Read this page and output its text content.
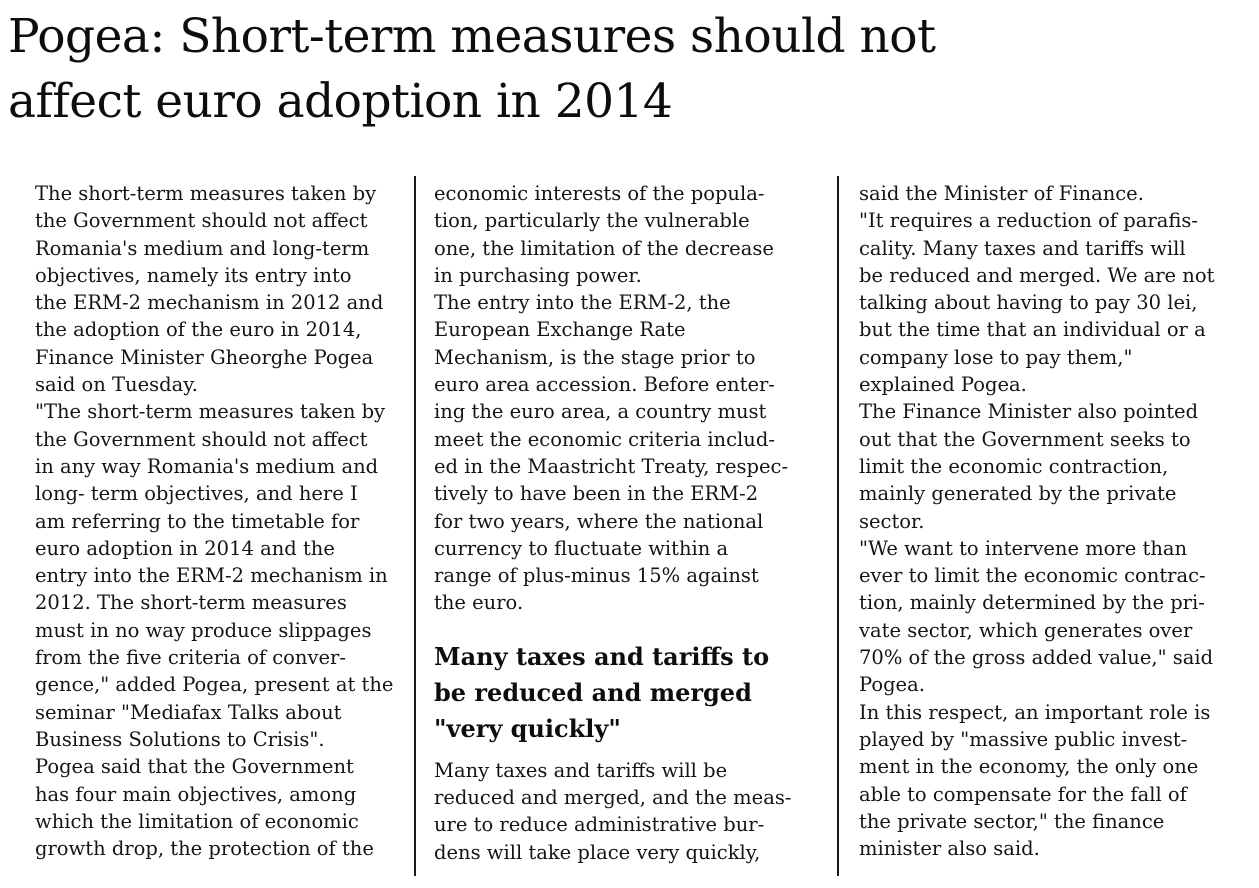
Pogea: Short-term measures should not
affect euro adoption in 2014

The short-term measures taken by

the Government should not affect

Romania's medium and long-term

objectives, namely its entry into

the ERM-2 mechanism in 2012 and

the adoption of the euro in 2014,

Finance Minister Gheorghe Pogea

said on Tuesday.

"The short-term measures taken by

the Government should not affect

in any way Romania's medium and

long- term objectives, and here I

am referring to the timetable for

euro adoption in 2014 and the

entry into the ERM-2 mechanism in

2012. The short-term measures

must in no way produce slippages

from the five criteria of conver-

gence," added Pogea, present at the

seminar "Mediafax Talks about

Business Solutions to Crisis".

Pogea said that the Government

has four main objectives, among

which the limitation of economic

growth drop, the protection of the

economic interests of the popula-

tion, particularly the vulnerable

one, the limitation of the decrease

in purchasing power.

The entry into the ERM-2, the

European Exchange Rate

Mechanism, is the stage prior to

euro area accession. Before enter-

ing the euro area, a country must

meet the economic criteria includ-

ed in the Maastricht Treaty, respec-

tively to have been in the ERM-2

for two years, where the national

currency to fluctuate within a

range of plus-minus 15% against

the euro.

Many taxes and tariffs to
be reduced and merged
"very quickly"

Many taxes and tariffs will be

reduced and merged, and the meas-

ure to reduce administrative bur-

dens will take place very quickly,

said the Minister of Finance.

"It requires a reduction of parafis-

cality. Many taxes and tariffs will

be reduced and merged. We are not

talking about having to pay 30 lei,

but the time that an individual or a

company lose to pay them,"

explained Pogea.

The Finance Minister also pointed

out that the Government seeks to

limit the economic contraction,

mainly generated by the private

sector.

"We want to intervene more than

ever to limit the economic contrac-

tion, mainly determined by the pri-

vate sector, which generates over

70% of the gross added value," said

Pogea.

In this respect, an important role is

played by "massive public invest-

ment in the economy, the only one

able to compensate for the fall of

the private sector," the finance

minister also said.
